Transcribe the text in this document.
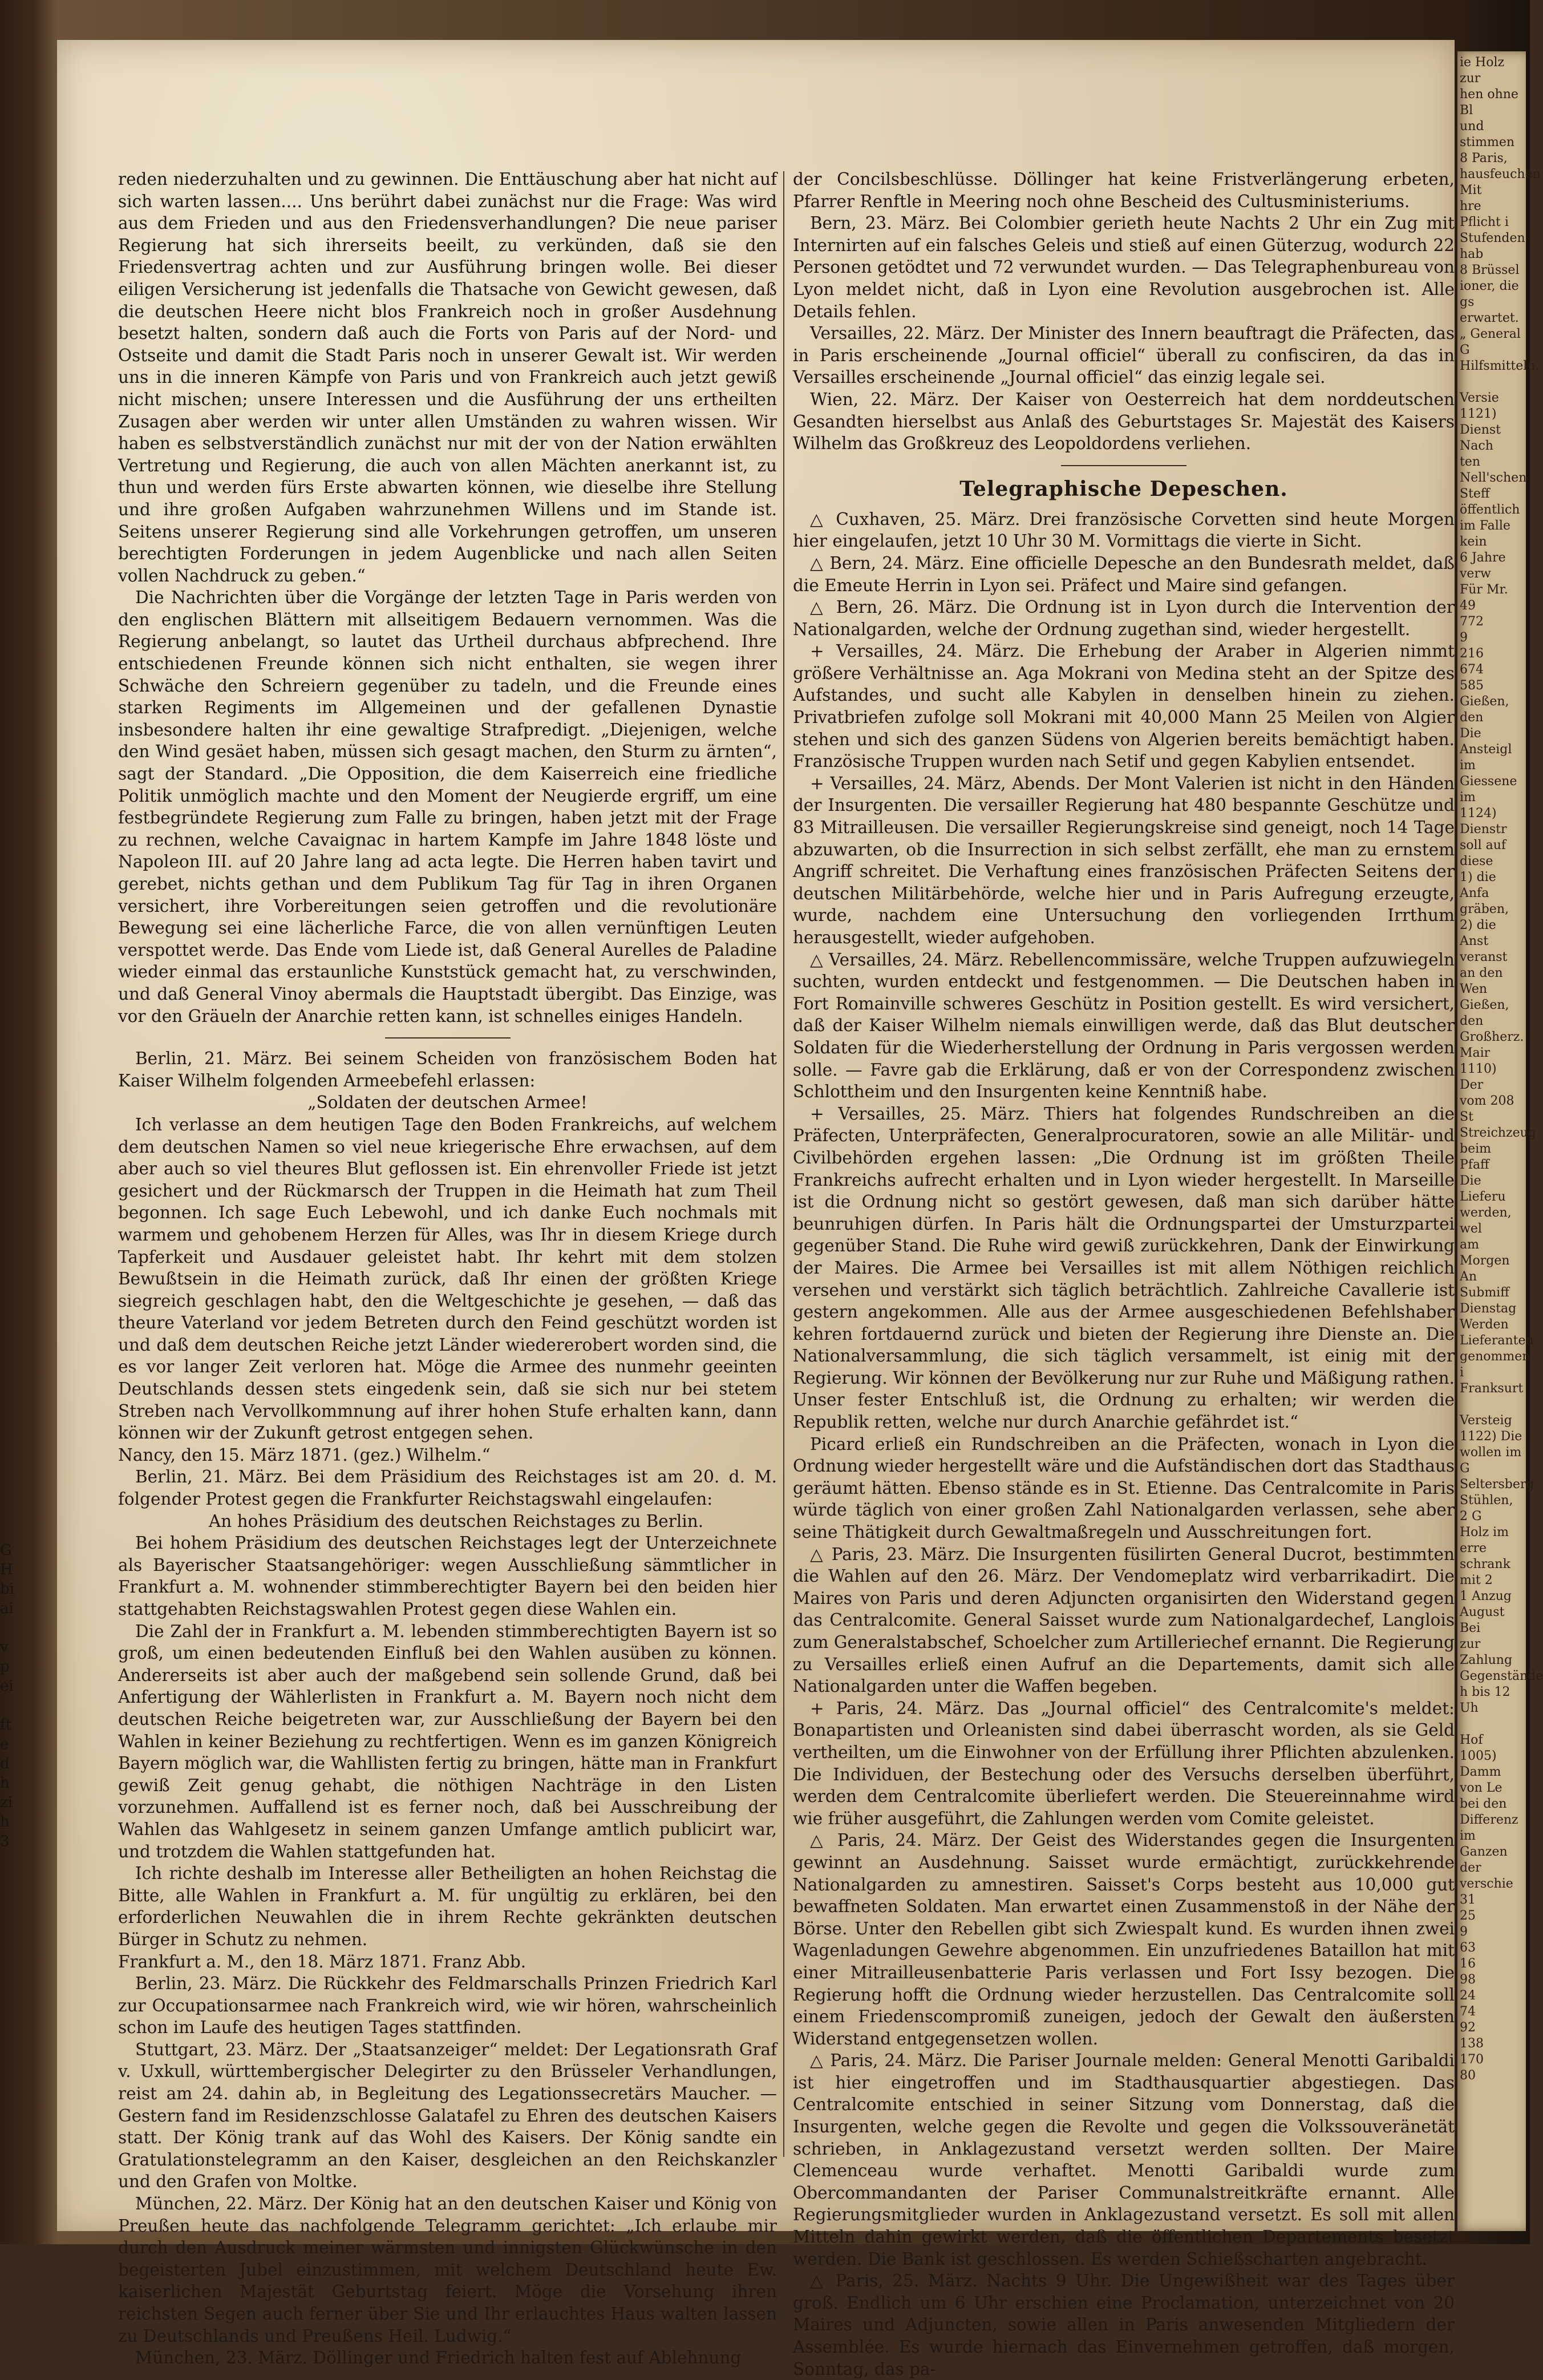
G
H
bi
ai

v
p
ei

ft
e
d
h
zi
h
3

reden niederzuhalten und zu gewinnen. Die Enttäuschung aber hat nicht auf sich warten lassen.... Uns berührt dabei zunächst nur die Frage: Was wird aus dem Frieden und aus den Friedensverhandlungen? Die neue pariser Regierung hat sich ihrerseits beeilt, zu verkünden, daß sie den Friedensvertrag achten und zur Ausführung bringen wolle. Bei dieser eiligen Versicherung ist jedenfalls die Thatsache von Gewicht gewesen, daß die deutschen Heere nicht blos Frankreich noch in großer Ausdehnung besetzt halten, sondern daß auch die Forts von Paris auf der Nord- und Ostseite und damit die Stadt Paris noch in unserer Gewalt ist. Wir werden uns in die inneren Kämpfe von Paris und von Frankreich auch jetzt gewiß nicht mischen; unsere Interessen und die Ausführung der uns ertheilten Zusagen aber werden wir unter allen Umständen zu wahren wissen. Wir haben es selbstverständlich zunächst nur mit der von der Nation erwählten Vertretung und Regierung, die auch von allen Mächten anerkannt ist, zu thun und werden fürs Erste abwarten können, wie dieselbe ihre Stellung und ihre großen Aufgaben wahrzunehmen Willens und im Stande ist. Seitens unserer Regierung sind alle Vorkehrungen getroffen, um unseren berechtigten Forderungen in jedem Augenblicke und nach allen Seiten vollen Nachdruck zu geben.“

Die Nachrichten über die Vorgänge der letzten Tage in Paris werden von den englischen Blättern mit allseitigem Bedauern vernommen. Was die Regierung anbelangt, so lautet das Urtheil durchaus abfprechend. Ihre entschiedenen Freunde können sich nicht enthalten, sie wegen ihrer Schwäche den Schreiern gegenüber zu tadeln, und die Freunde eines starken Regiments im Allgemeinen und der gefallenen Dynastie insbesondere halten ihr eine gewaltige Strafpredigt. „Diejenigen, welche den Wind gesäet haben, müssen sich gesagt machen, den Sturm zu ärnten“, sagt der Standard. „Die Opposition, die dem Kaiserreich eine friedliche Politik unmöglich machte und den Moment der Neugierde ergriff, um eine festbegründete Regierung zum Falle zu bringen, haben jetzt mit der Frage zu rechnen, welche Cavaignac in hartem Kampfe im Jahre 1848 löste und Napoleon III. auf 20 Jahre lang ad acta legte. Die Herren haben tavirt und gerebet, nichts gethan und dem Publikum Tag für Tag in ihren Organen versichert, ihre Vorbereitungen seien getroffen und die revolutionäre Bewegung sei eine lächerliche Farce, die von allen vernünftigen Leuten verspottet werde. Das Ende vom Liede ist, daß General Aurelles de Paladine wieder einmal das erstaunliche Kunststück gemacht hat, zu verschwinden, und daß General Vinoy abermals die Hauptstadt übergibt. Das Einzige, was vor den Gräueln der Anarchie retten kann, ist schnelles einiges Handeln.

Berlin, 21. März. Bei seinem Scheiden von französischem Boden hat Kaiser Wilhelm folgenden Armeebefehl erlassen:

„Soldaten der deutschen Armee!

Ich verlasse an dem heutigen Tage den Boden Frankreichs, auf welchem dem deutschen Namen so viel neue kriegerische Ehre erwachsen, auf dem aber auch so viel theures Blut geflossen ist. Ein ehrenvoller Friede ist jetzt gesichert und der Rückmarsch der Truppen in die Heimath hat zum Theil begonnen. Ich sage Euch Lebewohl, und ich danke Euch nochmals mit warmem und gehobenem Herzen für Alles, was Ihr in diesem Kriege durch Tapferkeit und Ausdauer geleistet habt. Ihr kehrt mit dem stolzen Bewußtsein in die Heimath zurück, daß Ihr einen der größten Kriege siegreich geschlagen habt, den die Weltgeschichte je gesehen, — daß das theure Vaterland vor jedem Betreten durch den Feind geschützt worden ist und daß dem deutschen Reiche jetzt Länder wiedererobert worden sind, die es vor langer Zeit verloren hat. Möge die Armee des nunmehr geeinten Deutschlands dessen stets eingedenk sein, daß sie sich nur bei stetem Streben nach Vervollkommnung auf ihrer hohen Stufe erhalten kann, dann können wir der Zukunft getrost entgegen sehen.

Nancy, den 15. März 1871. (gez.) Wilhelm.“

Berlin, 21. März. Bei dem Präsidium des Reichstages ist am 20. d. M. folgender Protest gegen die Frankfurter Reichstagswahl eingelaufen:

An hohes Präsidium des deutschen Reichstages zu Berlin.

Bei hohem Präsidium des deutschen Reichstages legt der Unterzeichnete als Bayerischer Staatsangehöriger: wegen Ausschließung sämmtlicher in Frankfurt a. M. wohnender stimmberechtigter Bayern bei den beiden hier stattgehabten Reichstagswahlen Protest gegen diese Wahlen ein.

Die Zahl der in Frankfurt a. M. lebenden stimmberechtigten Bayern ist so groß, um einen bedeutenden Einfluß bei den Wahlen ausüben zu können. Andererseits ist aber auch der maßgebend sein sollende Grund, daß bei Anfertigung der Wählerlisten in Frankfurt a. M. Bayern noch nicht dem deutschen Reiche beigetreten war, zur Ausschließung der Bayern bei den Wahlen in keiner Beziehung zu rechtfertigen. Wenn es im ganzen Königreich Bayern möglich war, die Wahllisten fertig zu bringen, hätte man in Frankfurt gewiß Zeit genug gehabt, die nöthigen Nachträge in den Listen vorzunehmen. Auffallend ist es ferner noch, daß bei Ausschreibung der Wahlen das Wahlgesetz in seinem ganzen Umfange amtlich publicirt war, und trotzdem die Wahlen stattgefunden hat.

Ich richte deshalb im Interesse aller Betheiligten an hohen Reichstag die Bitte, alle Wahlen in Frankfurt a. M. für ungültig zu erklären, bei den erforderlichen Neuwahlen die in ihrem Rechte gekränkten deutschen Bürger in Schutz zu nehmen.

Frankfurt a. M., den 18. März 1871. Franz Abb.

Berlin, 23. März. Die Rückkehr des Feldmarschalls Prinzen Friedrich Karl zur Occupationsarmee nach Frankreich wird, wie wir hören, wahrscheinlich schon im Laufe des heutigen Tages stattfinden.

Stuttgart, 23. März. Der „Staatsanzeiger“ meldet: Der Legationsrath Graf v. Uxkull, württembergischer Delegirter zu den Brüsseler Verhandlungen, reist am 24. dahin ab, in Begleitung des Legationssecretärs Maucher. — Gestern fand im Residenzschlosse Galatafel zu Ehren des deutschen Kaisers statt. Der König trank auf das Wohl des Kaisers. Der König sandte ein Gratulationstelegramm an den Kaiser, desgleichen an den Reichskanzler und den Grafen von Moltke.

München, 22. März. Der König hat an den deutschen Kaiser und König von Preußen heute das nachfolgende Telegramm gerichtet: „Ich erlaube mir durch den Ausdruck meiner wärmsten und innigsten Glückwünsche in den begeisterten Jubel einzustimmen, mit welchem Deutschland heute Ew. kaiserlichen Majestät Geburtstag feiert. Möge die Vorsehung ihren reichsten Segen auch ferner über Sie und Ihr erlauchtes Haus walten lassen zu Deutschlands und Preußens Heil. Ludwig.“

München, 23. März. Döllinger und Friedrich halten fest auf Ablehnung

der Concilsbeschlüsse. Döllinger hat keine Fristverlängerung erbeten, Pfarrer Renftle in Meering noch ohne Bescheid des Cultusministeriums.

Bern, 23. März. Bei Colombier gerieth heute Nachts 2 Uhr ein Zug mit Internirten auf ein falsches Geleis und stieß auf einen Güterzug, wodurch 22 Personen getödtet und 72 verwundet wurden. — Das Telegraphenbureau von Lyon meldet nicht, daß in Lyon eine Revolution ausgebrochen ist. Alle Details fehlen.

Versailles, 22. März. Der Minister des Innern beauftragt die Präfecten, das in Paris erscheinende „Journal officiel“ überall zu confisciren, da das in Versailles erscheinende „Journal officiel“ das einzig legale sei.

Wien, 22. März. Der Kaiser von Oesterreich hat dem norddeutschen Gesandten hierselbst aus Anlaß des Geburtstages Sr. Majestät des Kaisers Wilhelm das Großkreuz des Leopoldordens verliehen.

Telegraphische Depeschen.

△ Cuxhaven, 25. März. Drei französische Corvetten sind heute Morgen hier eingelaufen, jetzt 10 Uhr 30 M. Vormittags die vierte in Sicht.

△ Bern, 24. März. Eine officielle Depesche an den Bundesrath meldet, daß die Emeute Herrin in Lyon sei. Präfect und Maire sind gefangen.

△ Bern, 26. März. Die Ordnung ist in Lyon durch die Intervention der Nationalgarden, welche der Ordnung zugethan sind, wieder hergestellt.

+ Versailles, 24. März. Die Erhebung der Araber in Algerien nimmt größere Verhältnisse an. Aga Mokrani von Medina steht an der Spitze des Aufstandes, und sucht alle Kabylen in denselben hinein zu ziehen. Privatbriefen zufolge soll Mokrani mit 40,000 Mann 25 Meilen von Algier stehen und sich des ganzen Südens von Algerien bereits bemächtigt haben. Französische Truppen wurden nach Setif und gegen Kabylien entsendet.

+ Versailles, 24. März, Abends. Der Mont Valerien ist nicht in den Händen der Insurgenten. Die versailler Regierung hat 480 bespannte Geschütze und 83 Mitrailleusen. Die versailler Regierungskreise sind geneigt, noch 14 Tage abzuwarten, ob die Insurrection in sich selbst zerfällt, ehe man zu ernstem Angriff schreitet. Die Verhaftung eines französischen Präfecten Seitens der deutschen Militärbehörde, welche hier und in Paris Aufregung erzeugte, wurde, nachdem eine Untersuchung den vorliegenden Irrthum herausgestellt, wieder aufgehoben.

△ Versailles, 24. März. Rebellencommissäre, welche Truppen aufzuwiegeln suchten, wurden entdeckt und festgenommen. — Die Deutschen haben in Fort Romainville schweres Geschütz in Position gestellt. Es wird versichert, daß der Kaiser Wilhelm niemals einwilligen werde, daß das Blut deutscher Soldaten für die Wiederherstellung der Ordnung in Paris vergossen werden solle. — Favre gab die Erklärung, daß er von der Correspondenz zwischen Schlottheim und den Insurgenten keine Kenntniß habe.

+ Versailles, 25. März. Thiers hat folgendes Rundschreiben an die Präfecten, Unterpräfecten, Generalprocuratoren, sowie an alle Militär- und Civilbehörden ergehen lassen: „Die Ordnung ist im größten Theile Frankreichs aufrecht erhalten und in Lyon wieder hergestellt. In Marseille ist die Ordnung nicht so gestört gewesen, daß man sich darüber hätte beunruhigen dürfen. In Paris hält die Ordnungspartei der Umsturzpartei gegenüber Stand. Die Ruhe wird gewiß zurückkehren, Dank der Einwirkung der Maires. Die Armee bei Versailles ist mit allem Nöthigen reichlich versehen und verstärkt sich täglich beträchtlich. Zahlreiche Cavallerie ist gestern angekommen. Alle aus der Armee ausgeschiedenen Befehlshaber kehren fortdauernd zurück und bieten der Regierung ihre Dienste an. Die Nationalversammlung, die sich täglich versammelt, ist einig mit der Regierung. Wir können der Bevölkerung nur zur Ruhe und Mäßigung rathen. Unser fester Entschluß ist, die Ordnung zu erhalten; wir werden die Republik retten, welche nur durch Anarchie gefährdet ist.“

Picard erließ ein Rundschreiben an die Präfecten, wonach in Lyon die Ordnung wieder hergestellt wäre und die Aufständischen dort das Stadthaus geräumt hätten. Ebenso stände es in St. Etienne. Das Centralcomite in Paris würde täglich von einer großen Zahl Nationalgarden verlassen, sehe aber seine Thätigkeit durch Gewaltmaßregeln und Ausschreitungen fort.

△ Paris, 23. März. Die Insurgenten füsilirten General Ducrot, bestimmten die Wahlen auf den 26. März. Der Vendomeplatz wird verbarrikadirt. Die Maires von Paris und deren Adjuncten organisirten den Widerstand gegen das Centralcomite. General Saisset wurde zum Nationalgardechef, Langlois zum Generalstabschef, Schoelcher zum Artilleriechef ernannt. Die Regierung zu Versailles erließ einen Aufruf an die Departements, damit sich alle Nationalgarden unter die Waffen begeben.

+ Paris, 24. März. Das „Journal officiel“ des Centralcomite's meldet: Bonapartisten und Orleanisten sind dabei überrascht worden, als sie Geld vertheilten, um die Einwohner von der Erfüllung ihrer Pflichten abzulenken. Die Individuen, der Bestechung oder des Versuchs derselben überführt, werden dem Centralcomite überliefert werden. Die Steuereinnahme wird wie früher ausgeführt, die Zahlungen werden vom Comite geleistet.

△ Paris, 24. März. Der Geist des Widerstandes gegen die Insurgenten gewinnt an Ausdehnung. Saisset wurde ermächtigt, zurückkehrende Nationalgarden zu amnestiren. Saisset's Corps besteht aus 10,000 gut bewaffneten Soldaten. Man erwartet einen Zusammenstoß in der Nähe der Börse. Unter den Rebellen gibt sich Zwiespalt kund. Es wurden ihnen zwei Wagenladungen Gewehre abgenommen. Ein unzufriedenes Bataillon hat mit einer Mitrailleusenbatterie Paris verlassen und Fort Issy bezogen. Die Regierung hofft die Ordnung wieder herzustellen. Das Centralcomite soll einem Friedenscompromiß zuneigen, jedoch der Gewalt den äußersten Widerstand entgegensetzen wollen.

△ Paris, 24. März. Die Pariser Journale melden: General Menotti Garibaldi ist hier eingetroffen und im Stadthausquartier abgestiegen. Das Centralcomite entschied in seiner Sitzung vom Donnerstag, daß die Insurgenten, welche gegen die Revolte und gegen die Volkssouveränetät schrieben, in Anklagezustand versetzt werden sollten. Der Maire Clemenceau wurde verhaftet. Menotti Garibaldi wurde zum Obercommandanten der Pariser Communalstreitkräfte ernannt. Alle Regierungsmitglieder wurden in Anklagezustand versetzt. Es soll mit allen Mitteln dahin gewirkt werden, daß die öffentlichen Departements besetzt werden. Die Bank ist geschlossen. Es werden Schießscharten angebracht.

△ Paris, 25. März. Nachts 9 Uhr. Die Ungewißheit war des Tages über groß. Endlich um 6 Uhr erschien eine Proclamation, unterzeichnet von 20 Maires und Adjuncten, sowie allen in Paris anwesenden Mitgliedern der Assemblée. Es wurde hiernach das Einvernehmen getroffen, daß morgen, Sonntag, das pa-

ie Holz zur
hen ohne Bl
und stimmen
8 Paris,
hausfeuchen Mit
hre Pflicht i
Stufenden hab
8 Brüssel
ioner, die
gs erwartet.
„ General G
Hilfsmitteln.

Versie
1121) Dienst
Nach
ten Nell'schen
Steff öffentlich
im Falle kein
6 Jahre verw
Für Mr.
49
772
9
216
674
585
Gießen, den
Die Ansteigl
im Giessene
im
1124) Dienstr
soll auf diese
1) die Anfa
gräben,
2) die Anst
veranst
an den Wen
Gießen, den
Großherz.
Mair
1110) Der
vom 208 St
Streichzeug
beim Pfaff
Die Lieferu
werden, wel
am
Morgen
An Submiff
Dienstag
Werden
Lieferanten
genommen i
Franksurt

Versteig
1122) Die
wollen im G
Seltersberg
Stühlen, 2 G
Holz im erre
schrank mit 2
1 Anzug
August Bei
zur Zahlung
Gegenstände
h bis 12 Uh

Hof
1005) Damm
von Le
bei den Differenz
im Ganzen
der verschie
31
25
9
63
16
98
24
74
92
138
170
80
